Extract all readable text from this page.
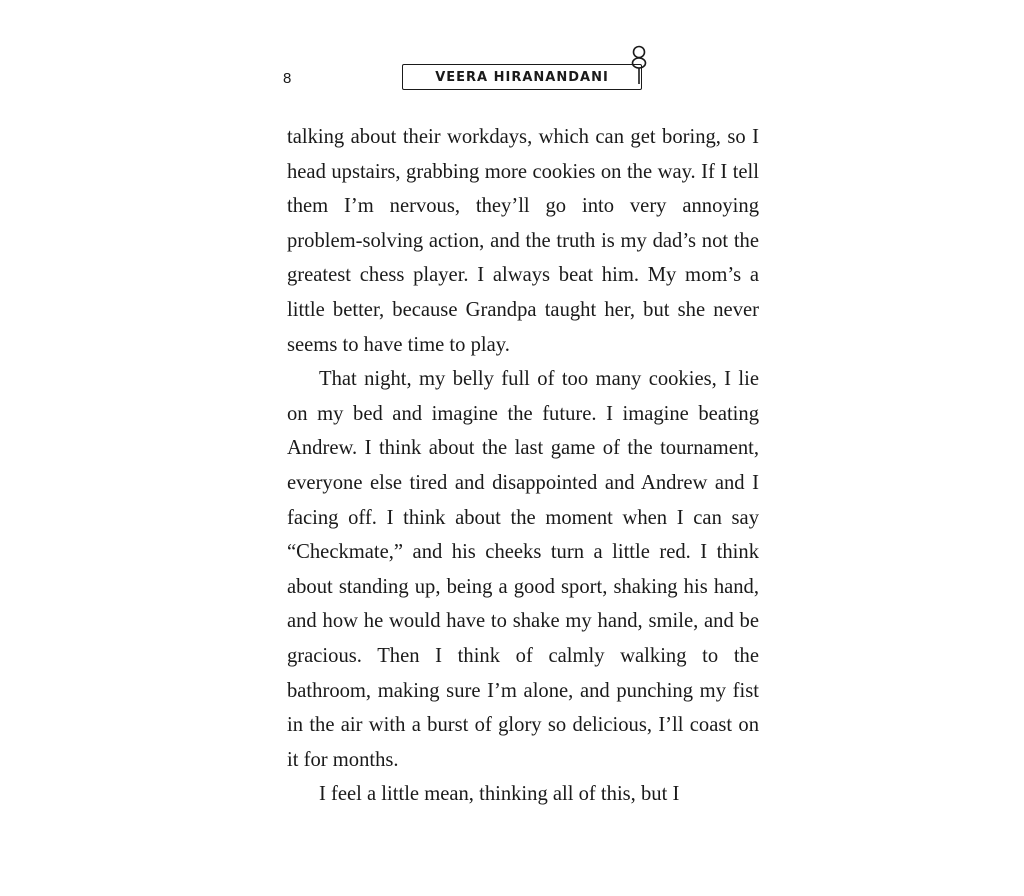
8	VEERA HIRANANDANI

talking about their workdays, which can get boring, so I head upstairs, grabbing more cookies on the way. If I tell them I’m nervous, they’ll go into very annoying problem-solving action, and the truth is my dad’s not the greatest chess player. I always beat him. My mom’s a little better, because Grandpa taught her, but she never seems to have time to play.

That night, my belly full of too many cookies, I lie on my bed and imagine the future. I imagine beating Andrew. I think about the last game of the tournament, everyone else tired and disappointed and Andrew and I facing off. I think about the moment when I can say “Checkmate,” and his cheeks turn a little red. I think about standing up, being a good sport, shaking his hand, and how he would have to shake my hand, smile, and be gracious. Then I think of calmly walking to the bathroom, making sure I’m alone, and punching my fist in the air with a burst of glory so delicious, I’ll coast on it for months.

I feel a little mean, thinking all of this, but I
